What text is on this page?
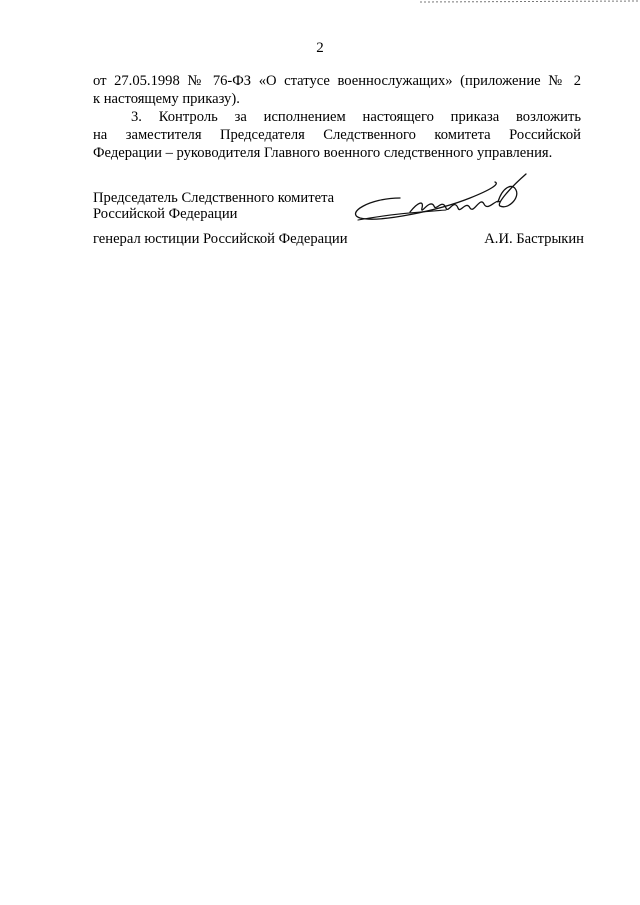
2
от 27.05.1998 № 76-ФЗ «О статусе военнослужащих» (приложение № 2
к настоящему приказу).
3. Контроль за исполнением настоящего приказа возложить
на заместителя Председателя Следственного комитета Российской
Федерации – руководителя Главного военного следственного управления.
Председатель Следственного комитета
Российской Федерации
генерал юстиции Российской Федерации	А.И. Бастрыкин
